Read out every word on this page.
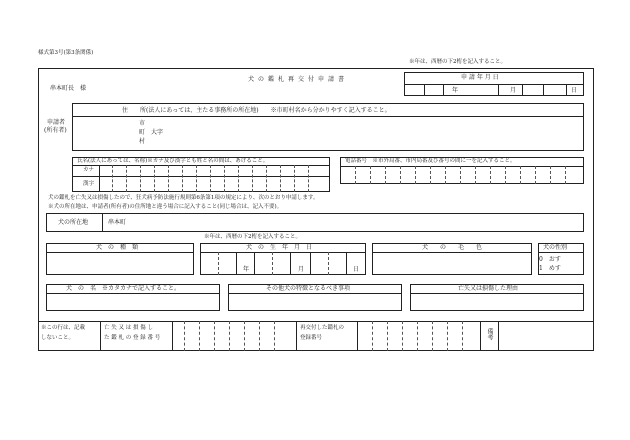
様式第3号(第3条関係)
※年は、西暦の下2桁を記入すること。
犬の鑑札再交付申請書	申 請 年 月 日
年	月	日
串本町長　様
申請者
(所有者)
住　　所(法人にあっては、主たる事務所の所在地)　　※市町村名から分かりやすく記入すること。
市
町　大字
村
氏名(法人にあっては、名称)※カナ及び漢字とも姓と名の間は、あけること。
カナ
漢字
電話番号　※市外局番、市内局番及び番号の間に一を記入すること。
犬の鑑札を亡失又は損傷したので、狂犬病予防法施行規則第6条第1項の規定により、次のとおり申請します。
※犬の所在地は、申請者(所有者)の住所地と違う場合に記入すること(同じ場合は、記入不要)。
犬の所在地	串本町
※年は、西暦の下2桁を記入すること。
犬　の　種　類	犬　の　生　年　月　日
年	月	日
犬　　の　　毛　　色	犬の性別
0　おす
1　めす
犬　の　名　※カタカナで記入すること。	その他犬の特徴となるべき事項	亡失又は損傷した理由
※この行は、記載
しないこと。
亡 失 又 は 損 傷 し
た 鑑 札 の 登 録 番 号
再交付した鑑札の
登録番号	備考
